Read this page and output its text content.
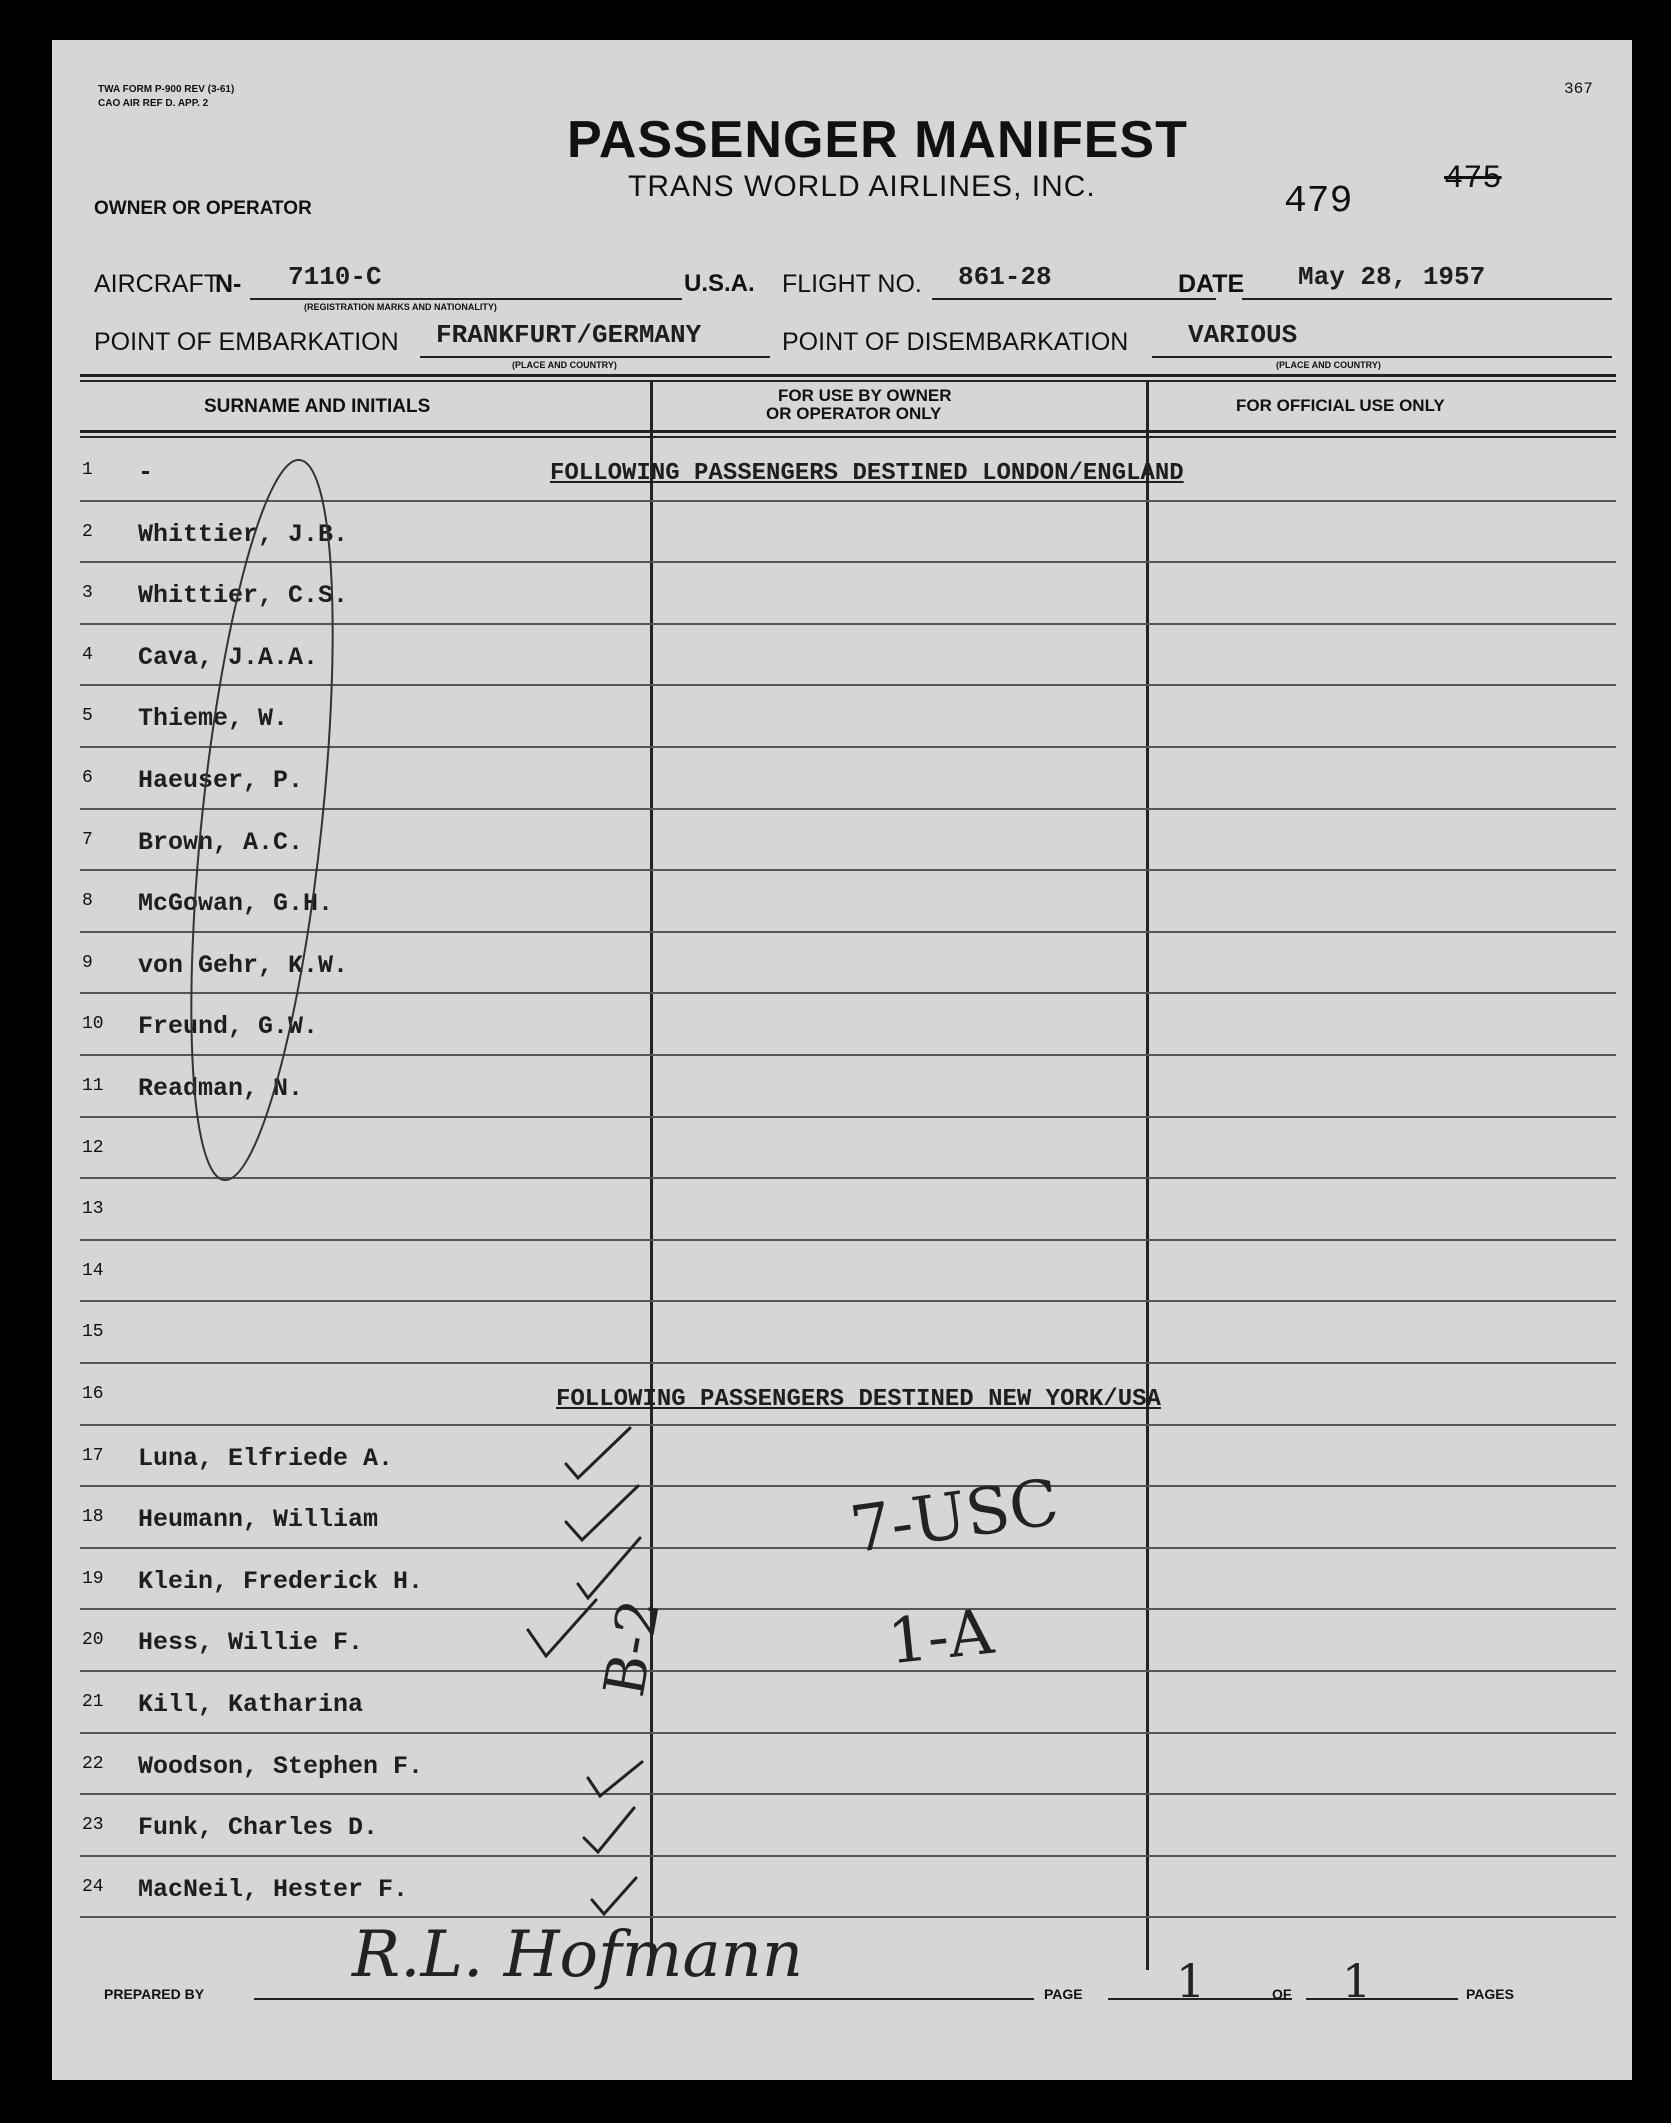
TWA FORM P-900 REV (3-61)
CAO AIR REF D. APP. 2
367
PASSENGER MANIFEST
TRANS WORLD AIRLINES, INC.
OWNER OR OPERATOR	479
475
AIRCRAFT
N- 7110-C
(REGISTRATION MARKS AND NATIONALITY)
U.S.A. FLIGHT NO. 861-28	DATE May 28, 1957
POINT OF EMBARKATION FRANKFURT/GERMANY
(PLACE AND COUNTRY)
POINT OF DISEMBARKATION VARIOUS
(PLACE AND COUNTRY)
SURNAME AND INITIALS
FOR USE BY OWNER
OR OPERATOR ONLY	FOR OFFICIAL USE ONLY
1 -
2 Whittier, J.B.
3 Whittier, C.S.
4 Cava, J.A.A.
5 Thieme, W.
6 Haeuser, P.
7 Brown, A.C.
8 McGowan, G.H.
9 von Gehr, K.W.
10 Freund, G.W.
11 Readman, N.
12
13
14
15
16
17 Luna, Elfriede A.
18 Heumann, William
19 Klein, Frederick H.
20 Hess, Willie F.
21 Kill, Katharina
22 Woodson, Stephen F.
23 Funk, Charles D.
24 MacNeil, Hester F.
FOLLOWING PASSENGERS DESTINED LONDON/ENGLAND
FOLLOWING PASSENGERS DESTINED NEW YORK/USA
7-USC
1-A
B-2
PREPARED BY
R.L. Hofmann
PAGE 1	OF 1	PAGES
